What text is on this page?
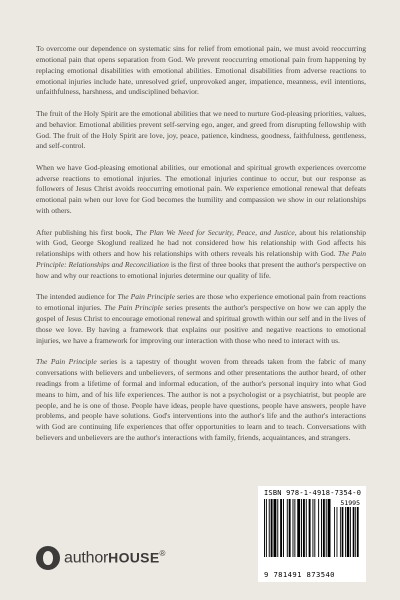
To overcome our dependence on systematic sins for relief from emotional pain, we must avoid reoccurring emotional pain that opens separation from God. We prevent reoccurring emotional pain from happening by replacing emotional disabilities with emotional abilities. Emotional disabilities from adverse reactions to emotional injuries include hate, unresolved grief, unprovoked anger, impatience, meanness, evil intentions, unfaithfulness, harshness, and undisciplined behavior.

The fruit of the Holy Spirit are the emotional abilities that we need to nurture God-pleasing priorities, values, and behavior. Emotional abilities prevent self-serving ego, anger, and greed from disrupting fellowship with God. The fruit of the Holy Spirit are love, joy, peace, patience, kindness, goodness, faithfulness, gentleness, and self-control.

When we have God-pleasing emotional abilities, our emotional and spiritual growth experiences overcome adverse reactions to emotional injuries. The emotional injuries continue to occur, but our response as followers of Jesus Christ avoids reoccurring emotional pain. We experience emotional renewal that defeats emotional pain when our love for God becomes the humility and compassion we show in our relationships with others.

After publishing his first book, The Plan We Need for Security, Peace, and Justice, about his relationship with God, George Skoglund realized he had not considered how his relationship with God affects his relationships with others and how his relationships with others reveals his relationship with God. The Pain Principle: Relationships and Reconciliation is the first of three books that present the author's perspective on how and why our reactions to emotional injuries determine our quality of life.

The intended audience for The Pain Principle series are those who experience emotional pain from reactions to emotional injuries. The Pain Principle series presents the author's perspective on how we can apply the gospel of Jesus Christ to encourage emotional renewal and spiritual growth within our self and in the lives of those we love. By having a framework that explains our positive and negative reactions to emotional injuries, we have a framework for improving our interaction with those who need to interact with us.

The Pain Principle series is a tapestry of thought woven from threads taken from the fabric of many conversations with believers and unbelievers, of sermons and other presentations the author heard, of other readings from a lifetime of formal and informal education, of the author's personal inquiry into what God means to him, and of his life experiences. The author is not a psychologist or a psychiatrist, but people are people, and he is one of those. People have ideas, people have questions, people have answers, people have problems, and people have solutions. God's interventions into the author's life and the author's interactions with God are continuing life experiences that offer opportunities to learn and to teach. Conversations with believers and unbelievers are the author's interactions with family, friends, acquaintances, and strangers.

authorHOUSE®
ISBN 978-1-4918-7354-0
51995
9 781491 873540
